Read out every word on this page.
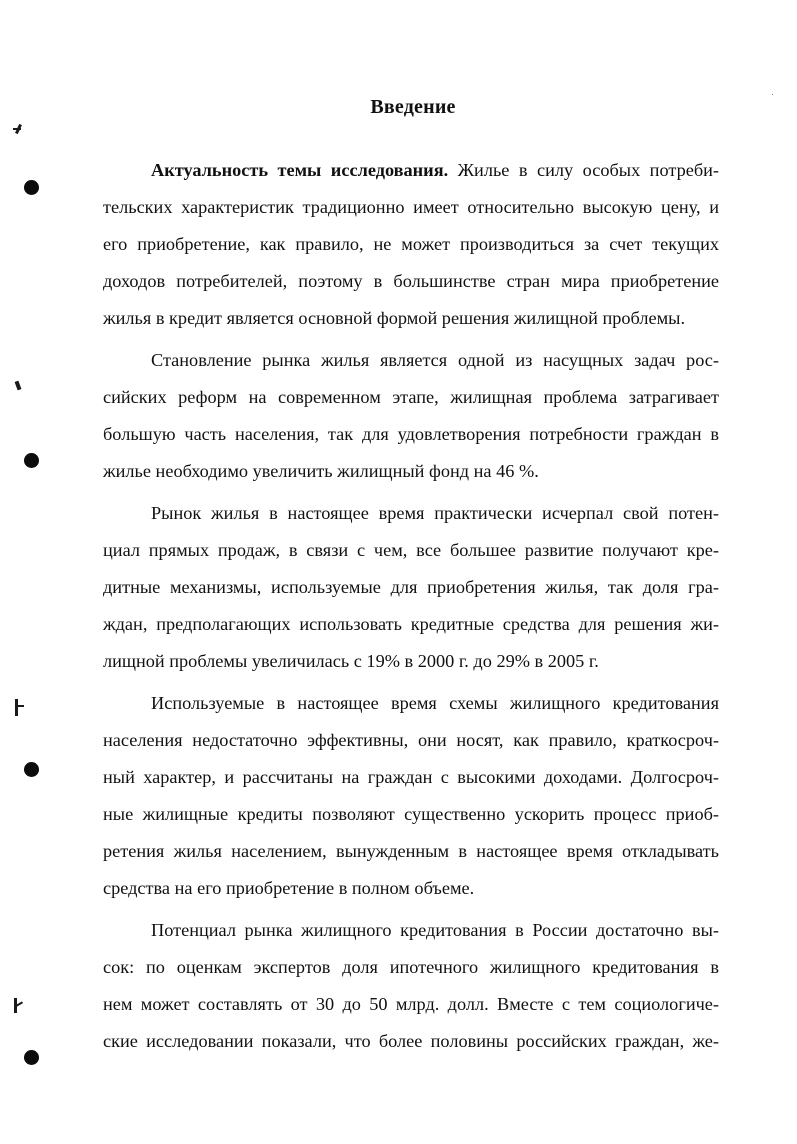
Введение
Актуальность темы исследования. Жилье в силу особых потреби-
тельских характеристик традиционно имеет относительно высокую цену, и
его приобретение, как правило, не может производиться за счет текущих
доходов потребителей, поэтому в большинстве стран мира приобретение
жилья в кредит является основной формой решения жилищной проблемы.
Становление рынка жилья является одной из насущных задач рос-
сийских реформ на современном этапе, жилищная проблема затрагивает
большую часть населения, так для удовлетворения потребности граждан в
жилье необходимо увеличить жилищный фонд на 46 %.
Рынок жилья в настоящее время практически исчерпал свой потен-
циал прямых продаж, в связи с чем, все большее развитие получают кре-
дитные механизмы, используемые для приобретения жилья, так доля гра-
ждан, предполагающих использовать кредитные средства для решения жи-
лищной проблемы увеличилась с 19% в 2000 г. до 29% в 2005 г.
Используемые в настоящее время схемы жилищного кредитования
населения недостаточно эффективны, они носят, как правило, краткосроч-
ный характер, и рассчитаны на граждан с высокими доходами. Долгосроч-
ные жилищные кредиты позволяют существенно ускорить процесс приоб-
ретения жилья населением, вынужденным в настоящее время откладывать
средства на его приобретение в полном объеме.
Потенциал рынка жилищного кредитования в России достаточно вы-
сок: по оценкам экспертов доля ипотечного жилищного кредитования в
нем может составлять от 30 до 50 млрд. долл. Вместе с тем социологиче-
ские исследовании показали, что более половины российских граждан, же-
